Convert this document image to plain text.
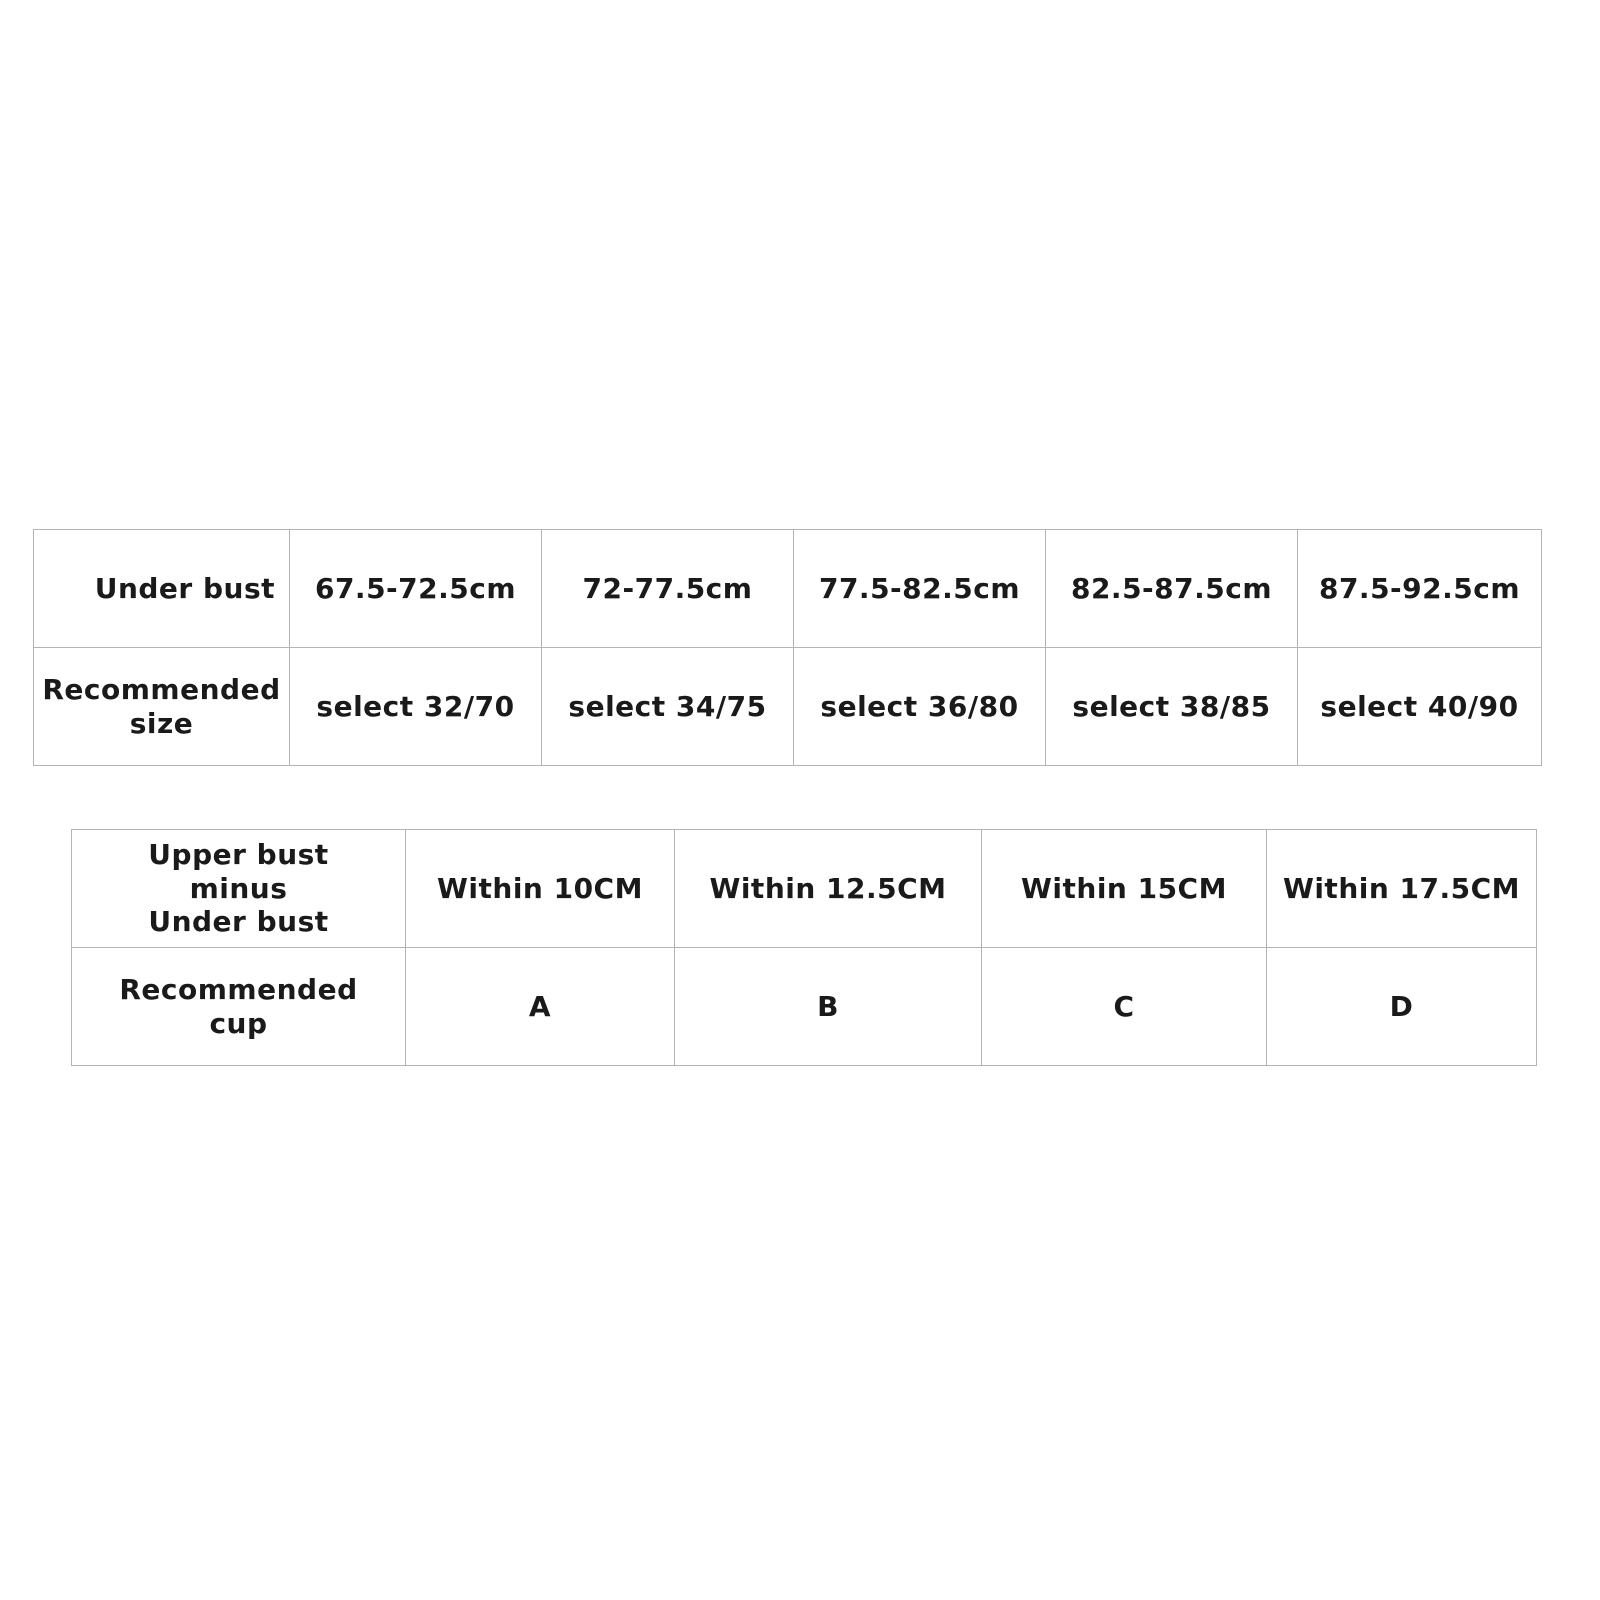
Under bust	67.5-72.5cm	72-77.5cm	77.5-82.5cm	82.5-87.5cm	87.5-92.5cm

Recommended
size	select 32/70	select 34/75	select 36/80	select 38/85	select 40/90
Upper bust
minus
Under bust	Within 10CM	Within 12.5CM	Within 15CM	Within 17.5CM

Recommended
cup	A	B	C	D
